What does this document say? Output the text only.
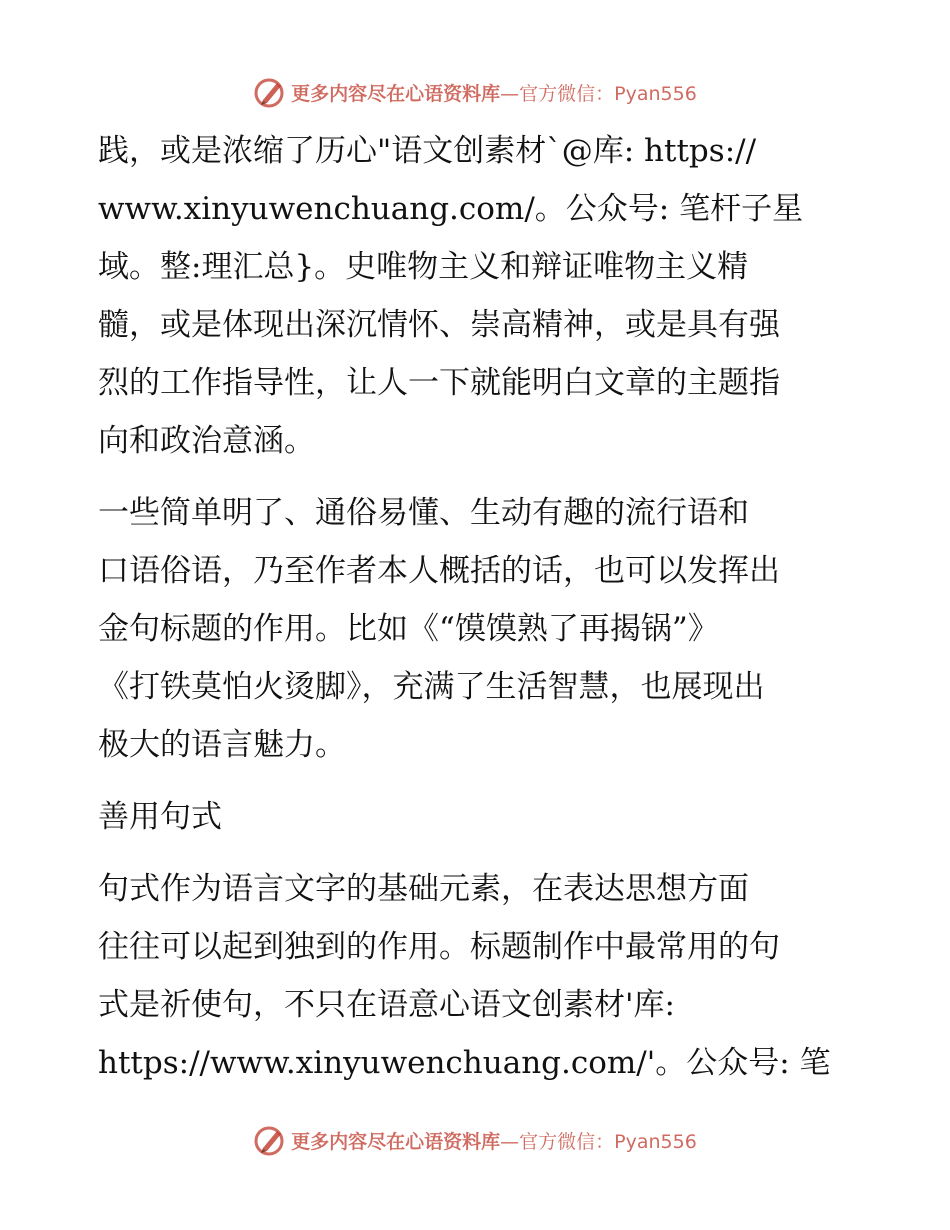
更多内容尽在心语资料库—官方微信：Pyan556
践，或是浓缩了历心"语文创素材`@库: https://
www.xinyuwenchuang.com/。公众号: 笔杆子星
域。整:理汇总}。史唯物主义和辩证唯物主义精
髓，或是体现出深沉情怀、崇高精神，或是具有强
烈的工作指导性，让人一下就能明白文章的主题指
向和政治意涵。
一些简单明了、通俗易懂、生动有趣的流行语和
口语俗语，乃至作者本人概括的话，也可以发挥出
金句标题的作用。比如《“馍馍熟了再揭锅”》
《打铁莫怕火烫脚》，充满了生活智慧，也展现出
极大的语言魅力。
善用句式
句式作为语言文字的基础元素，在表达思想方面
往往可以起到独到的作用。标题制作中最常用的句
式是祈使句，不只在语意心语文创素材'库:
https://www.xinyuwenchuang.com/'。公众号: 笔
更多内容尽在心语资料库—官方微信：Pyan556
